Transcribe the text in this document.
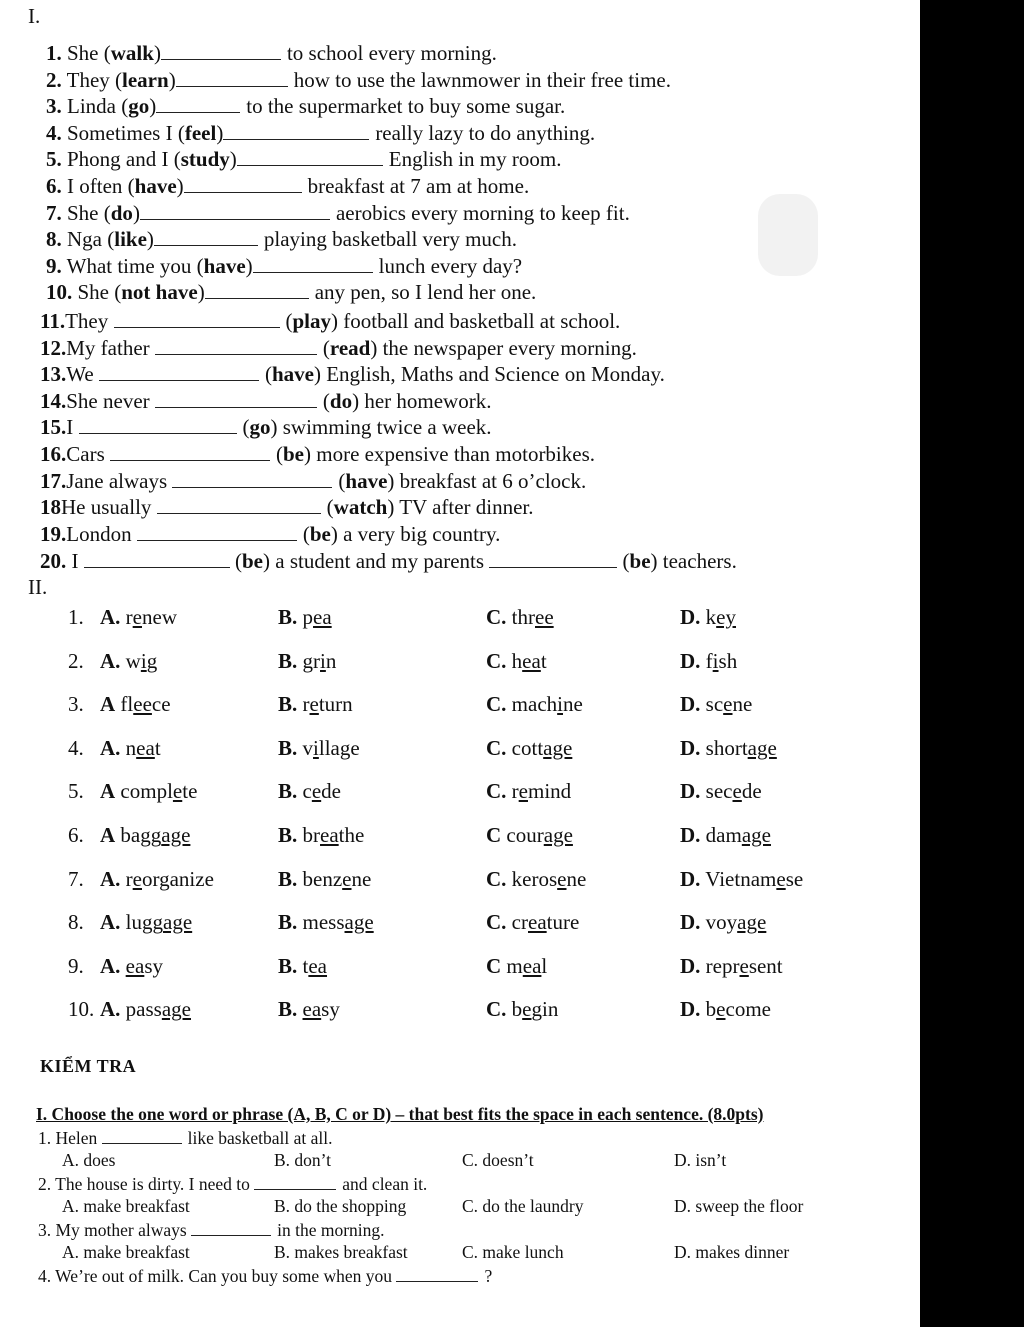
I.
1. She (walk)	to school every morning.
2. They (learn)	how to use the lawnmower in their free time.
3. Linda (go)	to the supermarket to buy some sugar.
4. Sometimes I (feel)	really lazy to do anything.
5. Phong and I (study)	English in my room.
6. I often (have)	breakfast at 7 am at home.
7. She (do)	aerobics every morning to keep fit.
8. Nga (like)	playing basketball very much.
9. What time you (have)	lunch every day?
10. She (not have)	any pen, so I lend her one.
11.They	(play) football and basketball at school.
12.My father	(read) the newspaper every morning.
13.We	(have) English, Maths and Science on Monday.
14.She never	(do) her homework.
15.I	(go) swimming twice a week.
16.Cars	(be) more expensive than motorbikes.
17.Jane always	(have) breakfast at 6 o’clock.
18He usually	(watch) TV after dinner.
19.London	(be) a very big country.
20. I	(be) a student and my parents	(be) teachers.
II.
1. A. renew	B. pea	C. three	D. key
2. A. wig	B. grin	C. heat	D. fish
3. A fleece	B. return	C. machine	D. scene
4. A. neat	B. village	C. cottage	D. shortage
5. A complete	B. cede	C. remind	D. secede
6. A baggage	B. breathe	C courage	D. damage
7. A. reorganize	B. benzene	C. kerosene	D. Vietnamese
8. A. luggage	B. message	C. creature	D. voyage
9. A. easy	B. tea	C meal	D. represent
10. A. passage	B. easy	C. begin	D. become
KIỂM TRA
I. Choose the one word or phrase (A, B, C or D) – that best fits the space in each sentence. (8.0pts)
1. Helen	like basketball at all.
A. does	B. don’t	C. doesn’t	D. isn’t
2. The house is dirty. I need to	and clean it.
A. make breakfast	B. do the shopping	C. do the laundry	D. sweep the floor
3. My mother always	in the morning.
A. make breakfast	B. makes breakfast	C. make lunch	D. makes dinner
4. We’re out of milk. Can you buy some when you	?
